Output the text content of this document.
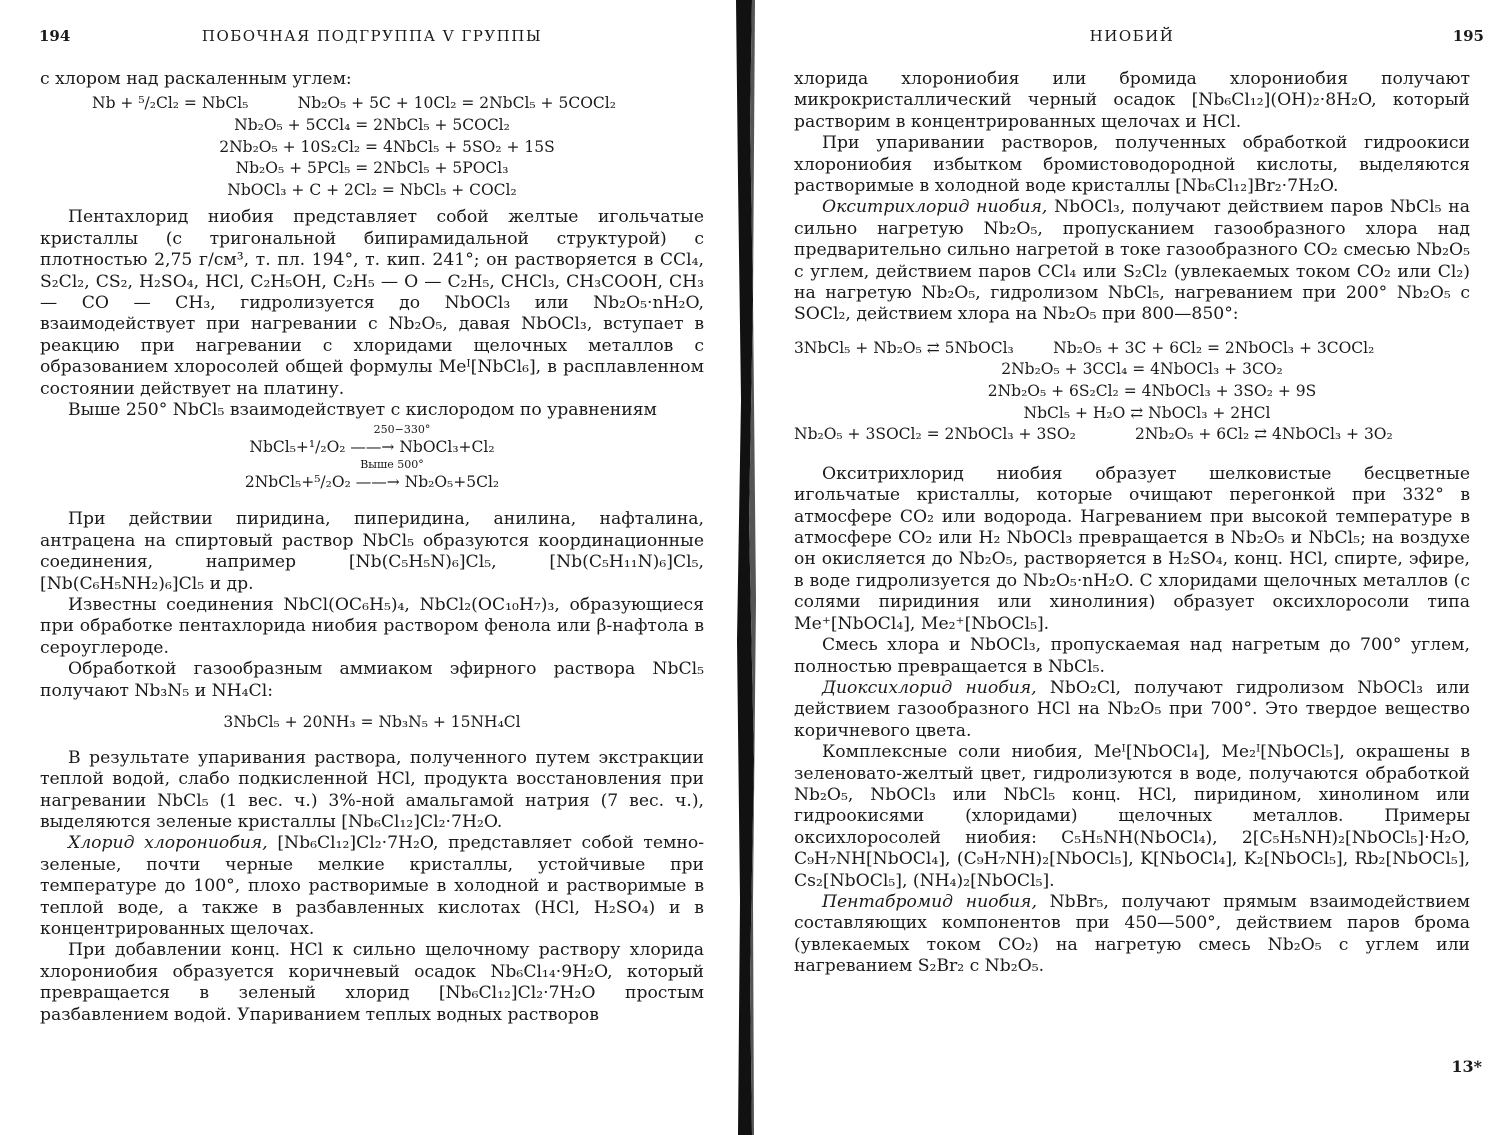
194	ПОБОЧНАЯ ПОДГРУППА V ГРУППЫ

с хлором над раскаленным углем:

Nb + ⁵/₂Cl₂ = NbCl₅          Nb₂O₅ + 5C + 10Cl₂ = 2NbCl₅ + 5COCl₂
Nb₂O₅ + 5CCl₄ = 2NbCl₅ + 5COCl₂
2Nb₂O₅ + 10S₂Cl₂ = 4NbCl₅ + 5SO₂ + 15S
Nb₂O₅ + 5PCl₅ = 2NbCl₅ + 5POCl₃
NbOCl₃ + C + 2Cl₂ = NbCl₅ + COCl₂

Пентахлорид ниобия представляет собой желтые игольчатые кристаллы (с тригональной бипирамидальной структурой) с плотностью 2,75 г/см³, т. пл. 194°, т. кип. 241°; он растворяется в CCl₄, S₂Cl₂, CS₂, H₂SO₄, HCl, C₂H₅OH, C₂H₅ — O — C₂H₅, CHCl₃, CH₃COOH, CH₃ — CO — CH₃, гидролизуется до NbOCl₃ или Nb₂O₅·nH₂O, взаимодействует при нагревании с Nb₂O₅, давая NbOCl₃, вступает в реакцию при нагревании с хлоридами щелочных металлов с образованием хлоросолей общей формулы Meᴵ[NbCl₆], в расплавленном состоянии действует на платину.

Выше 250° NbCl₅ взаимодействует с кислородом по уравнениям

250−330°
NbCl₅+¹/₂O₂ ——→ NbOCl₃+Cl₂
Выше 500°
2NbCl₅+⁵/₂O₂ ——→ Nb₂O₅+5Cl₂

При действии пиридина, пиперидина, анилина, нафталина, антрацена на спиртовый раствор NbCl₅ образуются координационные соединения, например [Nb(C₅H₅N)₆]Cl₅, [Nb(C₅H₁₁N)₆]Cl₅, [Nb(C₆H₅NH₂)₆]Cl₅ и др.

Известны соединения NbCl(OC₆H₅)₄, NbCl₂(OC₁₀H₇)₃, образующиеся при обработке пентахлорида ниобия раствором фенола или β-нафтола в сероуглероде.

Обработкой газообразным аммиаком эфирного раствора NbCl₅ получают Nb₃N₅ и NH₄Cl:

3NbCl₅ + 20NH₃ = Nb₃N₅ + 15NH₄Cl

В результате упаривания раствора, полученного путем экстракции теплой водой, слабо подкисленной HCl, продукта восстановления при нагревании NbCl₅ (1 вес. ч.) 3%-ной амальгамой натрия (7 вес. ч.), выделяются зеленые кристаллы [Nb₆Cl₁₂]Cl₂·7H₂O.

Хлорид хлорониобия, [Nb₆Cl₁₂]Cl₂·7H₂O, представляет собой темно-зеленые, почти черные мелкие кристаллы, устойчивые при температуре до 100°, плохо растворимые в холодной и растворимые в теплой воде, а также в разбавленных кислотах (HCl, H₂SO₄) и в концентрированных щелочах.

При добавлении конц. HCl к сильно щелочному раствору хлорида хлорониобия образуется коричневый осадок Nb₆Cl₁₄·9H₂O, который превращается в зеленый хлорид [Nb₆Cl₁₂]Cl₂·7H₂O простым разбавлением водой. Упариванием теплых водных растворов

НИОБИЙ	195

хлорида хлорониобия или бромида хлорониобия получают микрокристаллический черный осадок [Nb₆Cl₁₂](OH)₂·8H₂O, который растворим в концентрированных щелочах и HCl.

При упаривании растворов, полученных обработкой гидроокиси хлорониобия избытком бромистоводородной кислоты, выделяются растворимые в холодной воде кристаллы [Nb₆Cl₁₂]Br₂·7H₂O.

Окситрихлорид ниобия, NbOCl₃, получают действием паров NbCl₅ на сильно нагретую Nb₂O₅, пропусканием газообразного хлора над предварительно сильно нагретой в токе газообразного CO₂ смесью Nb₂O₅ с углем, действием паров CCl₄ или S₂Cl₂ (увлекаемых током CO₂ или Cl₂) на нагретую Nb₂O₅, гидролизом NbCl₅, нагреванием при 200° Nb₂O₅ с SOCl₂, действием хлора на Nb₂O₅ при 800—850°:

3NbCl₅ + Nb₂O₅ ⇄ 5NbOCl₃        Nb₂O₅ + 3C + 6Cl₂ = 2NbOCl₃ + 3COCl₂
2Nb₂O₅ + 3CCl₄ = 4NbOCl₃ + 3CO₂
2Nb₂O₅ + 6S₂Cl₂ = 4NbOCl₃ + 3SO₂ + 9S
NbCl₅ + H₂O ⇄ NbOCl₃ + 2HCl
Nb₂O₅ + 3SOCl₂ = 2NbOCl₃ + 3SO₂            2Nb₂O₅ + 6Cl₂ ⇄ 4NbOCl₃ + 3O₂

Окситрихлорид ниобия образует шелковистые бесцветные игольчатые кристаллы, которые очищают перегонкой при 332° в атмосфере CO₂ или водорода. Нагреванием при высокой температуре в атмосфере CO₂ или H₂ NbOCl₃ превращается в Nb₂O₅ и NbCl₅; на воздухе он окисляется до Nb₂O₅, растворяется в H₂SO₄, конц. HCl, спирте, эфире, в воде гидролизуется до Nb₂O₅·nH₂O. С хлоридами щелочных металлов (с солями пиридиния или хинолиния) образует оксихлоросоли типа Me⁺[NbOCl₄], Me₂⁺[NbOCl₅].

Смесь хлора и NbOCl₃, пропускаемая над нагретым до 700° углем, полностью превращается в NbCl₅.

Диоксихлорид ниобия, NbO₂Cl, получают гидролизом NbOCl₃ или действием газообразного HCl на Nb₂O₅ при 700°. Это твердое вещество коричневого цвета.

Комплексные соли ниобия, Meᴵ[NbOCl₄], Me₂ᴵ[NbOCl₅], окрашены в зеленовато-желтый цвет, гидролизуются в воде, получаются обработкой Nb₂O₅, NbOCl₃ или NbCl₅ конц. HCl, пиридином, хинолином или гидроокисями (хлоридами) щелочных металлов. Примеры оксихлоросолей ниобия: C₅H₅NH(NbOCl₄), 2[C₅H₅NH)₂[NbOCl₅]·H₂O, C₉H₇NH[NbOCl₄], (C₉H₇NH)₂[NbOCl₅], K[NbOCl₄], K₂[NbOCl₅], Rb₂[NbOCl₅], Cs₂[NbOCl₅], (NH₄)₂[NbOCl₅].

Пентабромид ниобия, NbBr₅, получают прямым взаимодействием составляющих компонентов при 450—500°, действием паров брома (увлекаемых током CO₂) на нагретую смесь Nb₂O₅ с углем или нагреванием S₂Br₂ с Nb₂O₅.

13*
